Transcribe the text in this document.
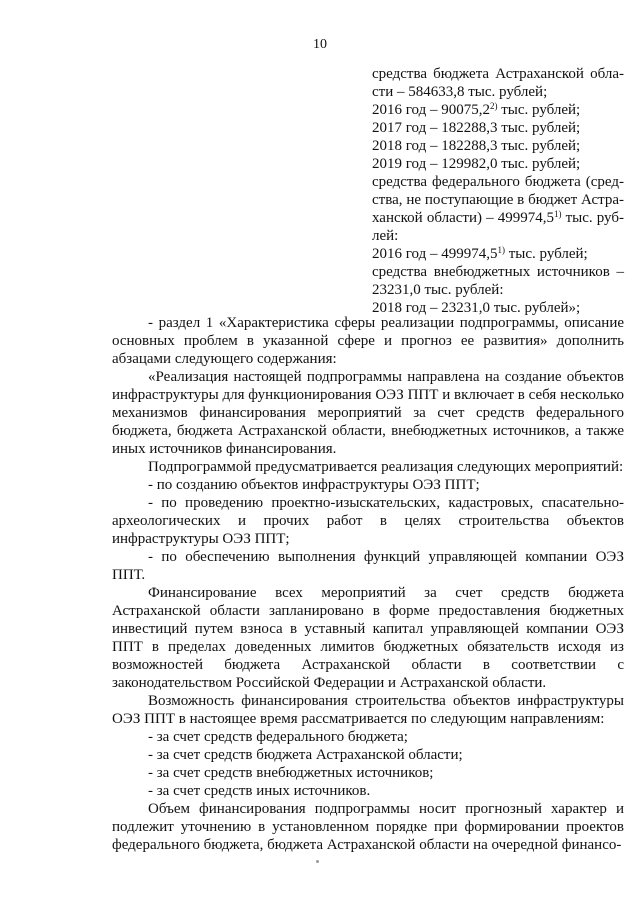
10
средства бюджета Астраханской обла-
сти – 584633,8 тыс. рублей;
2016 год – 90075,2$^{2)}$ тыс. рублей;
2017 год – 182288,3 тыс. рублей;
2018 год – 182288,3 тыс. рублей;
2019 год – 129982,0 тыс. рублей;
средства федерального бюджета (сред-
ства, не поступающие в бюджет Астра-
ханской области) – 499974,5$^{1)}$ тыс. руб-
лей:
2016 год – 499974,5$^{1)}$ тыс. рублей;
средства внебюджетных источников –
23231,0 тыс. рублей:
2018 год – 23231,0 тыс. рублей»;

- раздел 1 «Характеристика сферы реализации подпрограммы, описание основных проблем в указанной сфере и прогноз ее развития» дополнить абзацами следующего содержания:

«Реализация настоящей подпрограммы направлена на создание объектов инфраструктуры для функционирования ОЭЗ ППТ и включает в себя несколько механизмов финансирования мероприятий за счет средств федерального бюджета, бюджета Астраханской области, внебюджетных источников, а также иных источников финансирования.

Подпрограммой предусматривается реализация следующих мероприятий:

- по созданию объектов инфраструктуры ОЭЗ ППТ;

- по проведению проектно-изыскательских, кадастровых, спасательно-археологических и прочих работ в целях строительства объектов инфраструктуры ОЭЗ ППТ;

- по обеспечению выполнения функций управляющей компании ОЭЗ ППТ.

Финансирование всех мероприятий за счет средств бюджета Астраханской области запланировано в форме предоставления бюджетных инвестиций путем взноса в уставный капитал управляющей компании ОЭЗ ППТ в пределах доведенных лимитов бюджетных обязательств исходя из возможностей бюджета Астраханской области в соответствии с законодательством Российской Федерации и Астраханской области.

Возможность финансирования строительства объектов инфраструктуры ОЭЗ ППТ в настоящее время рассматривается по следующим направлениям:

- за счет средств федерального бюджета;

- за счет средств бюджета Астраханской области;

- за счет средств внебюджетных источников;

- за счет средств иных источников.

Объем финансирования подпрограммы носит прогнозный характер и подлежит уточнению в установленном порядке при формировании проектов федерального бюджета, бюджета Астраханской области на очередной финансо-
